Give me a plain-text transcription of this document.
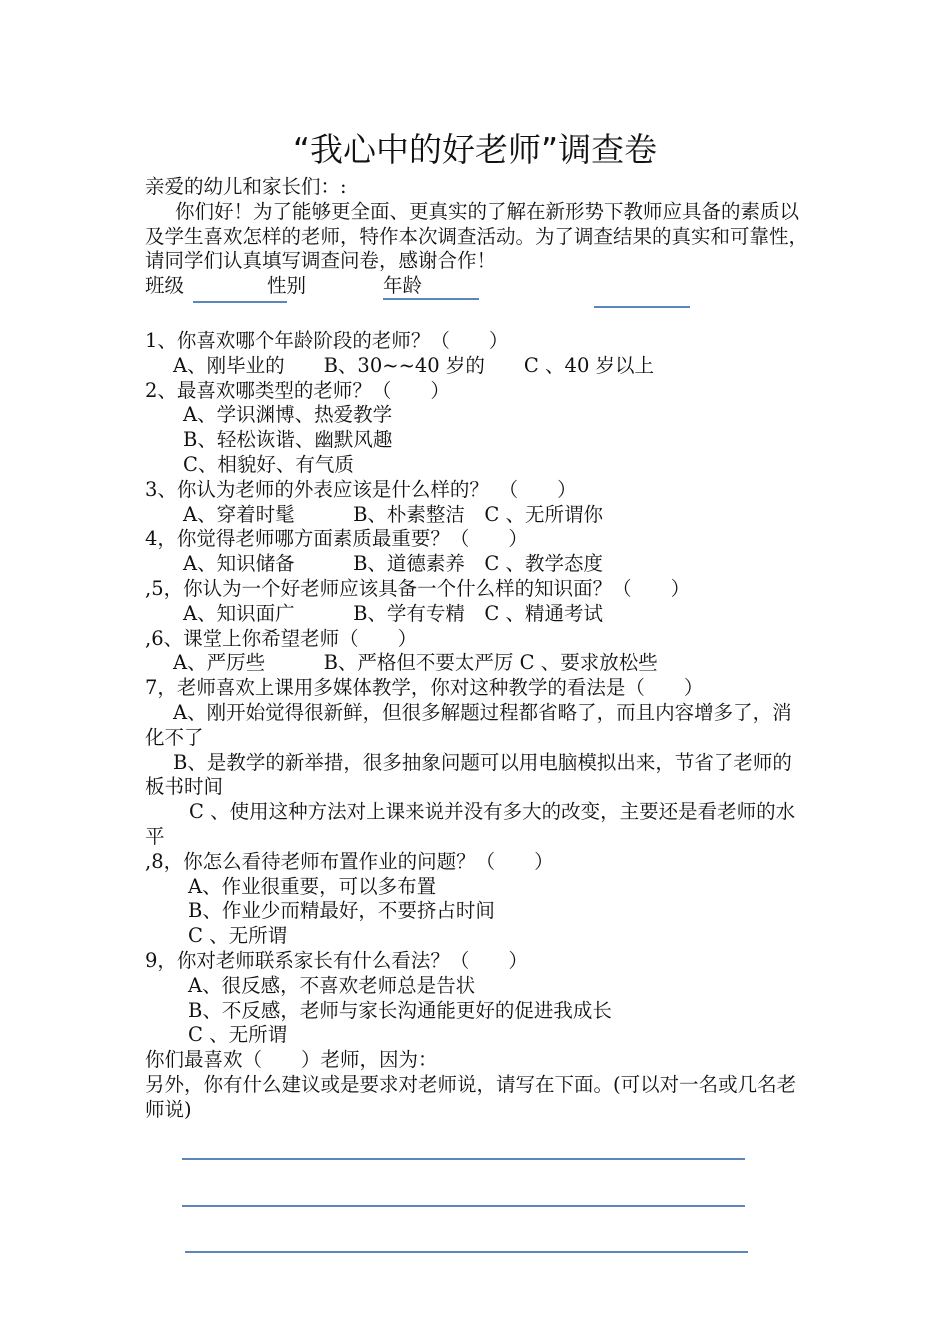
“我心中的好老师”调查卷

亲爱的幼儿和家长们：:

你们好！为了能够更全面、更真实的了解在新形势下教师应具备的素质以及学生喜欢怎样的老师，特作本次调查活动。为了调查结果的真实和可靠性，请同学们认真填写调查问卷，感谢合作！

班级	性别	年龄

1、你喜欢哪个年龄阶段的老师？（　　）

A、刚毕业的　　B、30~~40 岁的　　C 、40 岁以上

2、最喜欢哪类型的老师？（　　）

A、学识渊博、热爱教学

B、轻松诙谐、幽默风趣

C、相貌好、有气质

3、你认为老师的外表应该是什么样的？　（　　）

A、穿着时髦　　　B、朴素整洁　C 、无所谓你

4，你觉得老师哪方面素质最重要？（　　）

A、知识储备　　　B、道德素养　C 、教学态度

,5，你认为一个好老师应该具备一个什么样的知识面？（　　）

A、知识面广　　　B、学有专精　C 、精通考试

,6、课堂上你希望老师（　　）

A、严厉些　　　B、严格但不要太严厉 C 、要求放松些

7，老师喜欢上课用多媒体教学，你对这种教学的看法是（　　）

A、刚开始觉得很新鲜，但很多解题过程都省略了，而且内容增多了，消化不了

B、是教学的新举措，很多抽象问题可以用电脑模拟出来，节省了老师的板书时间

C 、使用这种方法对上课来说并没有多大的改变，主要还是看老师的水平

,8，你怎么看待老师布置作业的问题？（　　）

A、作业很重要，可以多布置

B、作业少而精最好，不要挤占时间

C 、无所谓

9，你对老师联系家长有什么看法？（　　）

A、很反感，不喜欢老师总是告状

B、不反感，老师与家长沟通能更好的促进我成长

C 、无所谓

你们最喜欢（　　）老师，因为：

另外，你有什么建议或是要求对老师说，请写在下面。(可以对一名或几名老师说)
